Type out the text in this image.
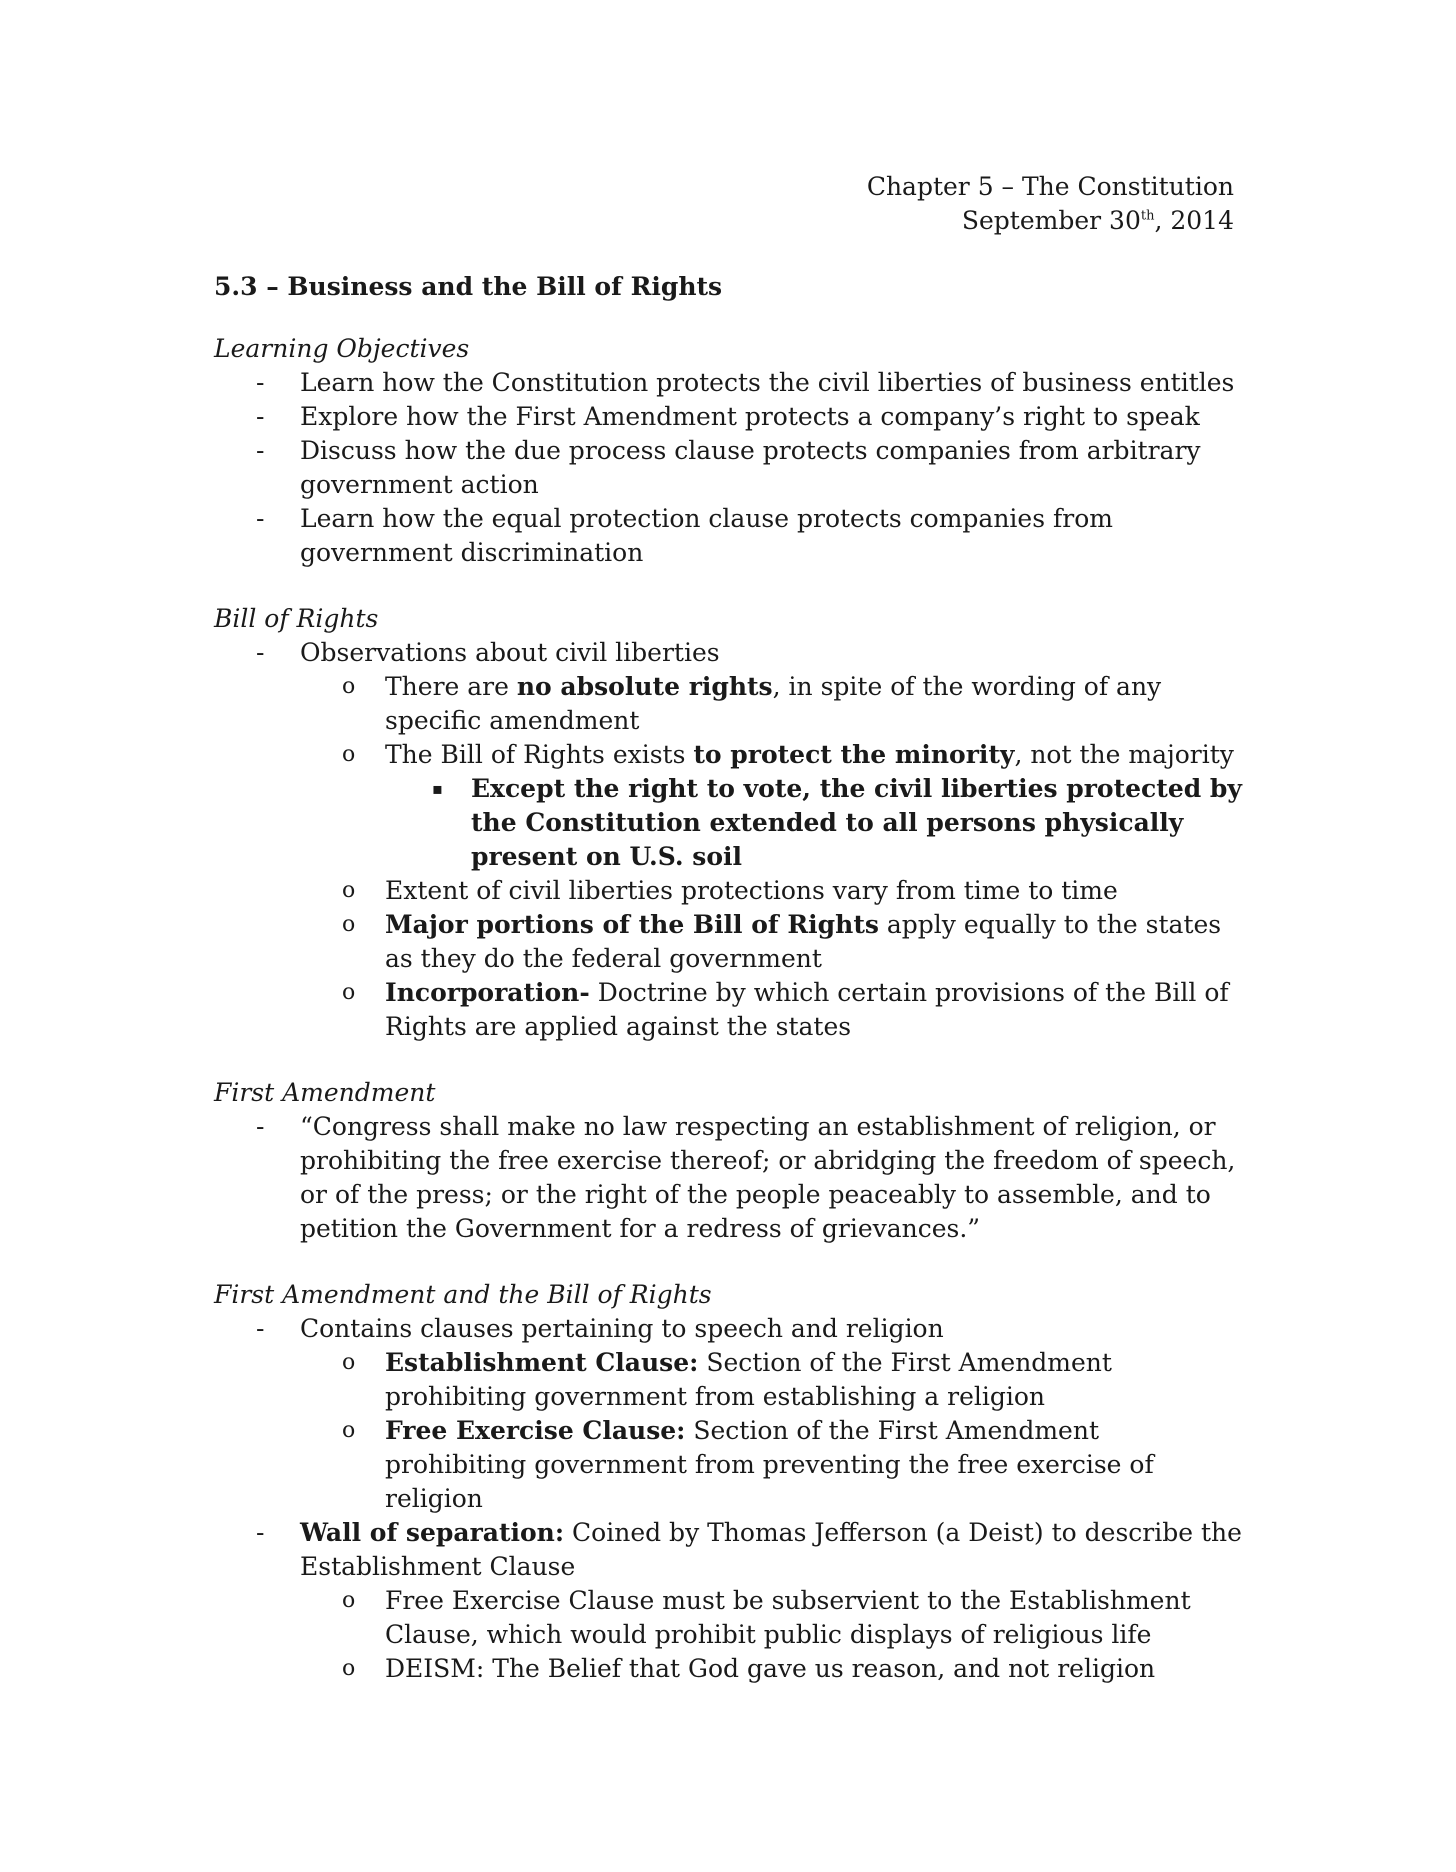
Chapter 5 – The Constitution
September 30th, 2014
5.3 – Business and the Bill of Rights
Learning Objectives
- Learn how the Constitution protects the civil liberties of business entitles
- Explore how the First Amendment protects a company’s right to speak
- Discuss how the due process clause protects companies from arbitrary government action
- Learn how the equal protection clause protects companies from government discrimination
Bill of Rights
- Observations about civil liberties
o There are no absolute rights, in spite of the wording of any specific amendment
o The Bill of Rights exists to protect the minority, not the majority
▪ Except the right to vote, the civil liberties protected by the Constitution extended to all persons physically present on U.S. soil
o Extent of civil liberties protections vary from time to time
o Major portions of the Bill of Rights apply equally to the states as they do the federal government
o Incorporation- Doctrine by which certain provisions of the Bill of Rights are applied against the states
First Amendment
- “Congress shall make no law respecting an establishment of religion, or prohibiting the free exercise thereof; or abridging the freedom of speech, or of the press; or the right of the people peaceably to assemble, and to petition the Government for a redress of grievances.”
First Amendment and the Bill of Rights
- Contains clauses pertaining to speech and religion
o Establishment Clause: Section of the First Amendment prohibiting government from establishing a religion
o Free Exercise Clause: Section of the First Amendment prohibiting government from preventing the free exercise of religion
- Wall of separation: Coined by Thomas Jefferson (a Deist) to describe the Establishment Clause
o Free Exercise Clause must be subservient to the Establishment Clause, which would prohibit public displays of religious life
o DEISM: The Belief that God gave us reason, and not religion
